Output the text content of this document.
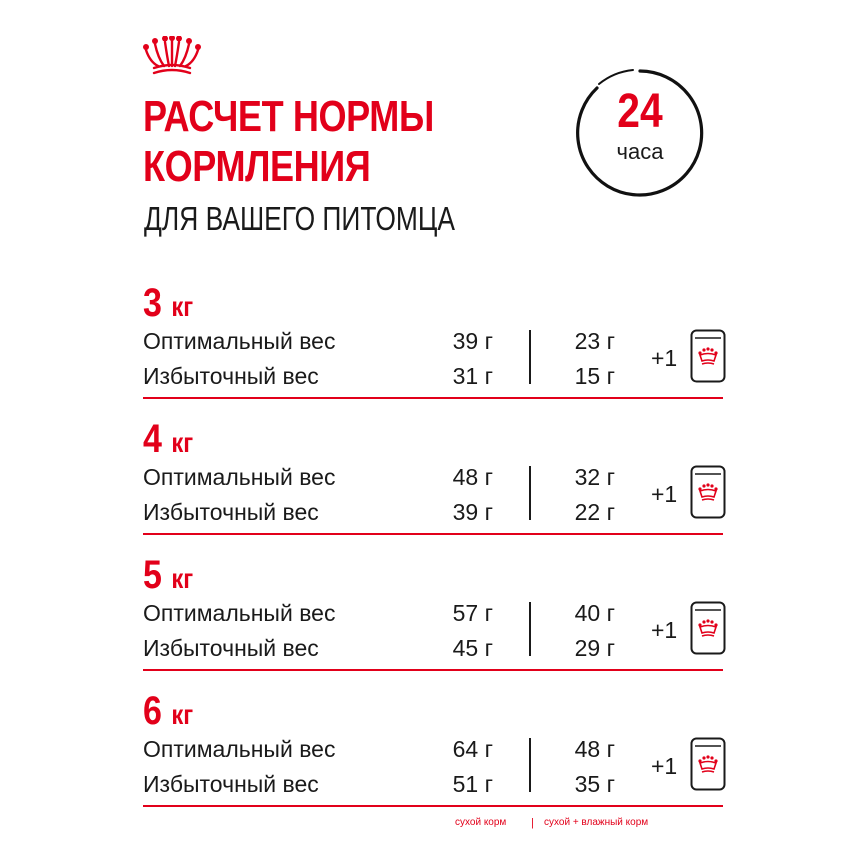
РАСЧЕТ НОРМЫ
КОРМЛЕНИЯ
ДЛЯ ВАШЕГО ПИТОМЦА
24
часа
3 кг
Оптимальный вес	39 г	23 г
Избыточный вес	31 г	15 г
+1
4 кг
Оптимальный вес	48 г	32 г
Избыточный вес	39 г	22 г
+1
5 кг
Оптимальный вес	57 г	40 г
Избыточный вес	45 г	29 г
+1
6 кг
Оптимальный вес	64 г	48 г
Избыточный вес	51 г	35 г
+1
сухой корм | сухой + влажный корм
